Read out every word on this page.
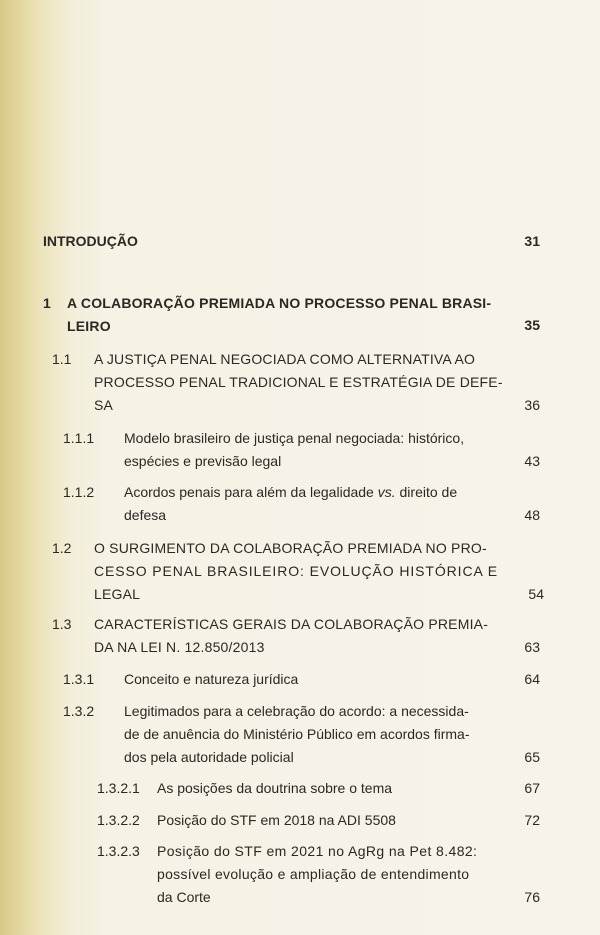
INTRODUÇÃO	31
1 A COLABORAÇÃO PREMIADA NO PROCESSO PENAL BRASI-
LEIRO	35
1.1 A JUSTIÇA PENAL NEGOCIADA COMO ALTERNATIVA AO
PROCESSO PENAL TRADICIONAL E ESTRATÉGIA DE DEFE-
SA	36
1.1.1 Modelo brasileiro de justiça penal negociada: histórico,
espécies e previsão legal	43
1.1.2 Acordos penais para além da legalidade vs. direito de
defesa	48
1.2 O SURGIMENTO DA COLABORAÇÃO PREMIADA NO PRO-
CESSO PENAL BRASILEIRO: EVOLUÇÃO HISTÓRICA E
LEGAL	54
1.3 CARACTERÍSTICAS GERAIS DA COLABORAÇÃO PREMIA-
DA NA LEI N. 12.850/2013	63
1.3.1 Conceito e natureza jurídica	64
1.3.2 Legitimados para a celebração do acordo: a necessida-
de de anuência do Ministério Público em acordos firma-
dos pela autoridade policial	65
1.3.2.1 As posições da doutrina sobre o tema	67
1.3.2.2 Posição do STF em 2018 na ADI 5508	72
1.3.2.3 Posição do STF em 2021 no AgRg na Pet 8.482:
possível evolução e ampliação de entendimento
da Corte	76
